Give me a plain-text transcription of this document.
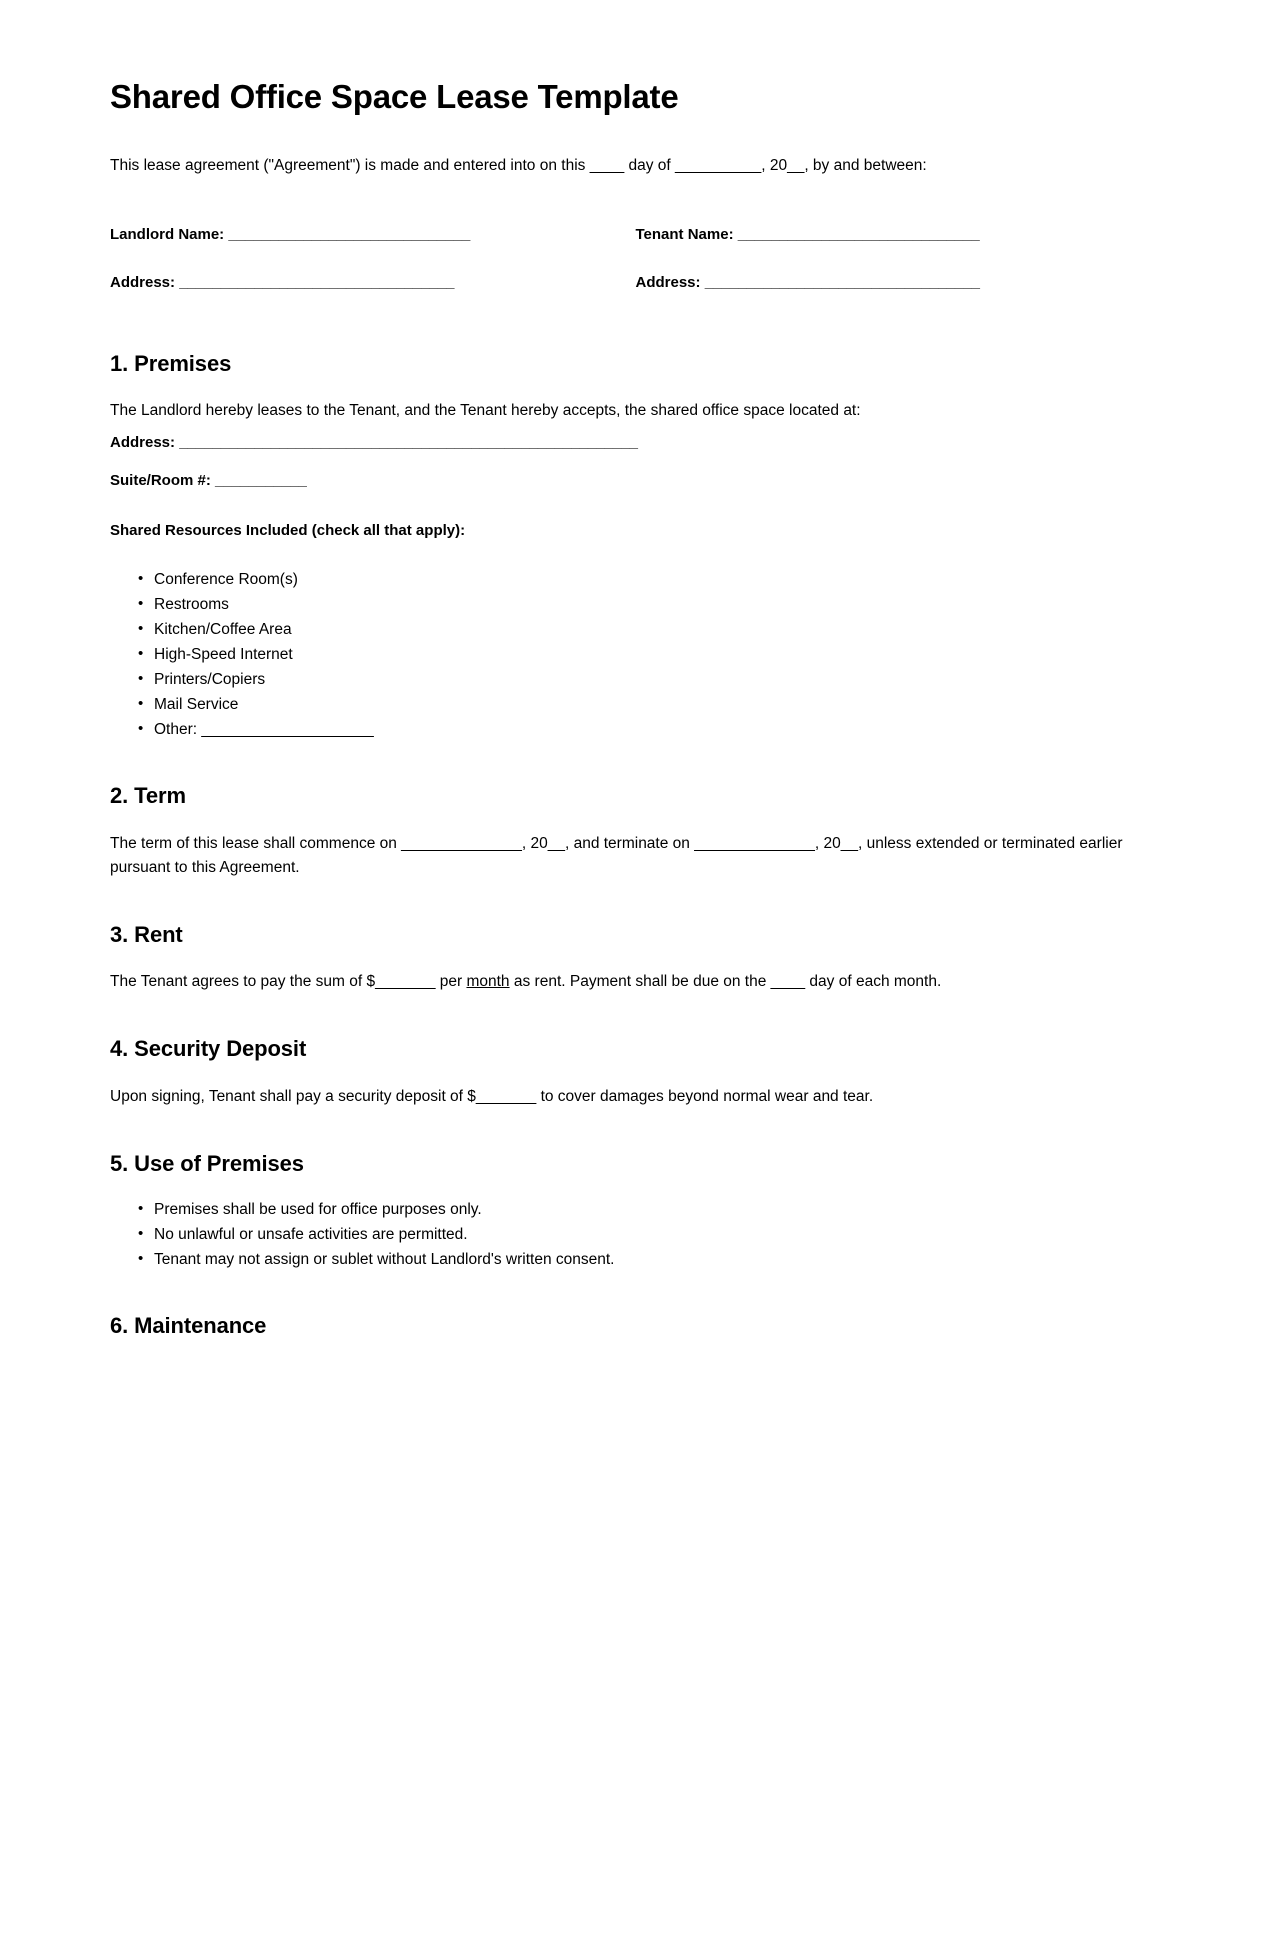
Shared Office Space Lease Template

This lease agreement ("Agreement") is made and entered into on this ____ day of __________, 20__, by and between:

Landlord Name: _____________________________
Address: _________________________________
Tenant Name: _____________________________
Address: _________________________________
1. Premises

The Landlord hereby leases to the Tenant, and the Tenant hereby accepts, the shared office space located at:

Address: _______________________________________________________
Suite/Room #: ___________
Shared Resources Included (check all that apply):
• Conference Room(s)
• Restrooms
• Kitchen/Coffee Area
• High-Speed Internet
• Printers/Copiers
• Mail Service
• Other: ____________________
2. Term

The term of this lease shall commence on ______________, 20__, and terminate on ______________, 20__, unless extended or terminated earlier pursuant to this Agreement.

3. Rent

The Tenant agrees to pay the sum of $_______ per month as rent. Payment shall be due on the ____ day of each month.

4. Security Deposit

Upon signing, Tenant shall pay a security deposit of $_______ to cover damages beyond normal wear and tear.

5. Use of Premises
• Premises shall be used for office purposes only.
• No unlawful or unsafe activities are permitted.
• Tenant may not assign or sublet without Landlord's written consent.
6. Maintenance
